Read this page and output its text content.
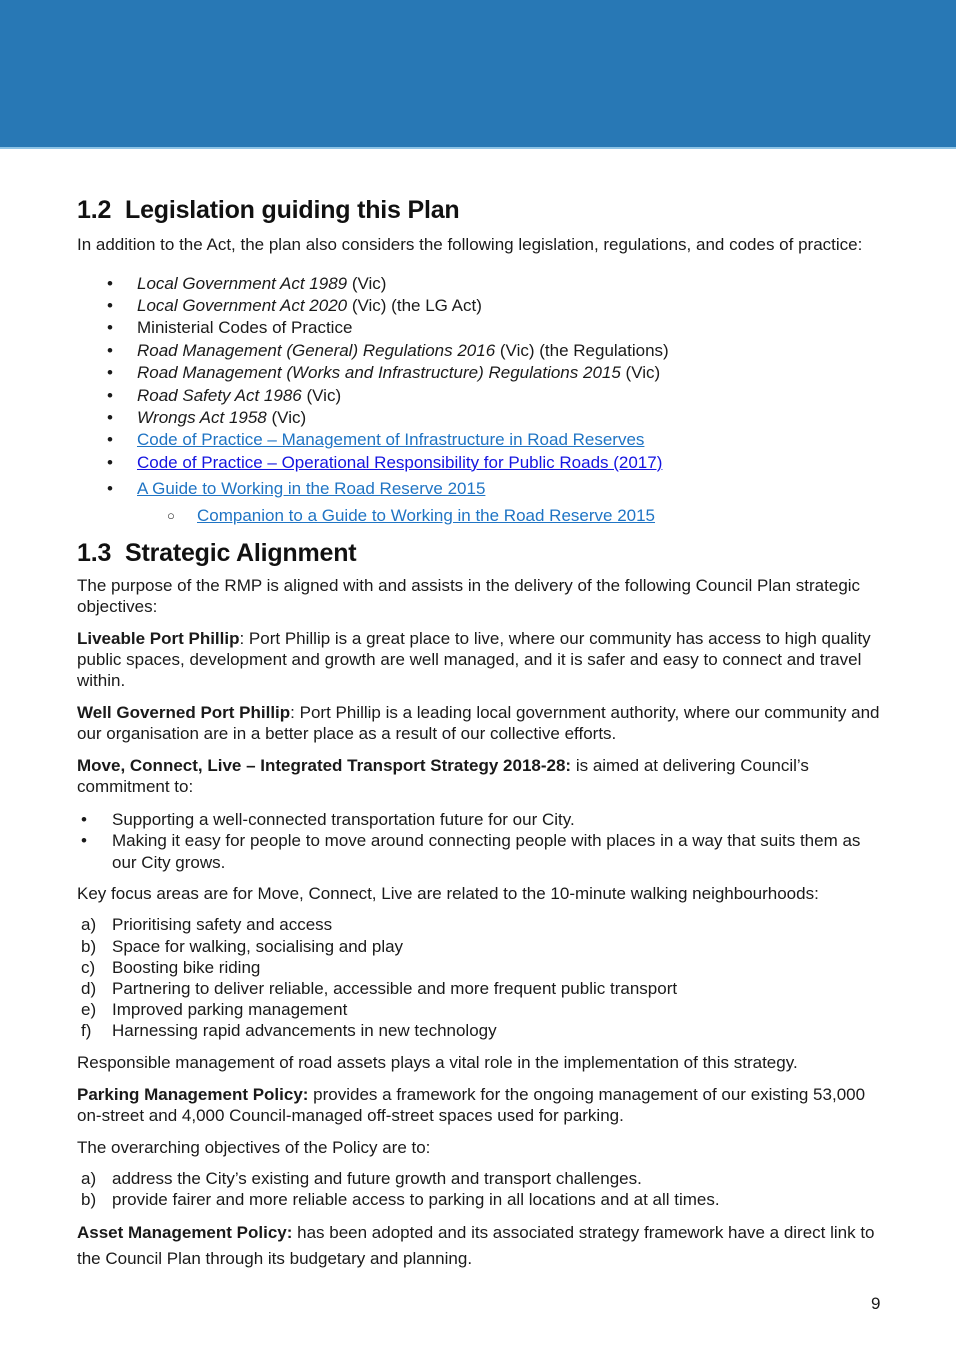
1.2 Legislation guiding this Plan

In addition to the Act, the plan also considers the following legislation, regulations, and codes of practice:

• Local Government Act 1989 (Vic)
• Local Government Act 2020 (Vic) (the LG Act)
• Ministerial Codes of Practice
• Road Management (General) Regulations 2016 (Vic) (the Regulations)
• Road Management (Works and Infrastructure) Regulations 2015 (Vic)
• Road Safety Act 1986 (Vic)
• Wrongs Act 1958 (Vic)
• Code of Practice – Management of Infrastructure in Road Reserves
• Code of Practice – Operational Responsibility for Public Roads (2017)
• A Guide to Working in the Road Reserve 2015
○ Companion to a Guide to Working in the Road Reserve 2015
1.3 Strategic Alignment

The purpose of the RMP is aligned with and assists in the delivery of the following Council Plan strategic objectives:

Liveable Port Phillip: Port Phillip is a great place to live, where our community has access to high quality public spaces, development and growth are well managed, and it is safer and easy to connect and travel within.

Well Governed Port Phillip: Port Phillip is a leading local government authority, where our community and our organisation are in a better place as a result of our collective efforts.

Move, Connect, Live – Integrated Transport Strategy 2018-28: is aimed at delivering Council’s commitment to:

• Supporting a well-connected transportation future for our City.
• Making it easy for people to move around connecting people with places in a way that suits them as our City grows.

Key focus areas are for Move, Connect, Live are related to the 10-minute walking neighbourhoods:

a) Prioritising safety and access
b) Space for walking, socialising and play
c) Boosting bike riding
d) Partnering to deliver reliable, accessible and more frequent public transport
e) Improved parking management
f) Harnessing rapid advancements in new technology

Responsible management of road assets plays a vital role in the implementation of this strategy.

Parking Management Policy: provides a framework for the ongoing management of our existing 53,000 on-street and 4,000 Council-managed off-street spaces used for parking.

The overarching objectives of the Policy are to:

a) address the City’s existing and future growth and transport challenges.
b) provide fairer and more reliable access to parking in all locations and at all times.

Asset Management Policy: has been adopted and its associated strategy framework have a direct link to the Council Plan through its budgetary and planning.

9
